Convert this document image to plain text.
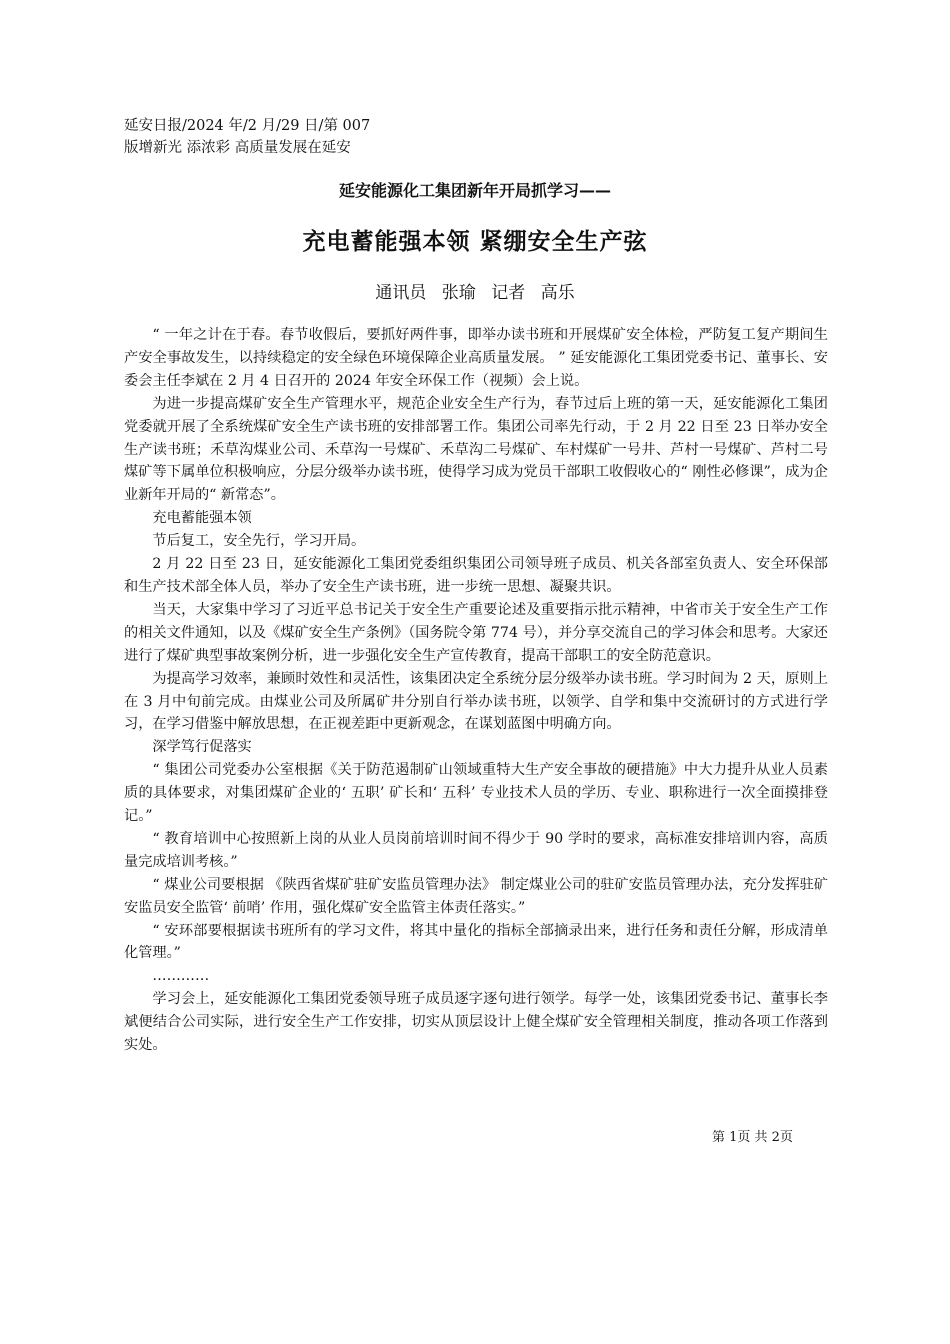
延安日报/2024 年/2 月/29 日/第 007
版增新光 添浓彩 高质量发展在延安
延安能源化工集团新年开局抓学习——
充电蓄能强本领 紧绷安全生产弦
通讯员 张瑜 记者 高乐

“ 一年之计在于春。春节收假后，要抓好两件事，即举办读书班和开展煤矿安全体检，严防复工复产期间生产安全事故发生，以持续稳定的安全绿色环境保障企业高质量发展。 ” 延安能源化工集团党委书记、董事长、安委会主任李斌在 2 月 4 日召开的 2024 年安全环保工作（视频）会上说。

为进一步提高煤矿安全生产管理水平，规范企业安全生产行为，春节过后上班的第一天，延安能源化工集团党委就开展了全系统煤矿安全生产读书班的安排部署工作。集团公司率先行动，于 2 月 22 日至 23 日举办安全生产读书班；禾草沟煤业公司、禾草沟一号煤矿、禾草沟二号煤矿、车村煤矿一号井、芦村一号煤矿、芦村二号煤矿等下属单位积极响应，分层分级举办读书班，使得学习成为党员干部职工收假收心的“ 刚性必修课”，成为企业新年开局的“ 新常态”。

充电蓄能强本领

节后复工，安全先行，学习开局。

2 月 22 日至 23 日，延安能源化工集团党委组织集团公司领导班子成员、机关各部室负责人、安全环保部和生产技术部全体人员，举办了安全生产读书班，进一步统一思想、凝聚共识。

当天，大家集中学习了习近平总书记关于安全生产重要论述及重要指示批示精神，中省市关于安全生产工作的相关文件通知，以及《煤矿安全生产条例》（国务院令第 774 号），并分享交流自己的学习体会和思考。大家还进行了煤矿典型事故案例分析，进一步强化安全生产宣传教育，提高干部职工的安全防范意识。

为提高学习效率，兼顾时效性和灵活性，该集团决定全系统分层分级举办读书班。学习时间为 2 天，原则上在 3 月中旬前完成。由煤业公司及所属矿井分别自行举办读书班，以领学、自学和集中交流研讨的方式进行学习，在学习借鉴中解放思想，在正视差距中更新观念，在谋划蓝图中明确方向。

深学笃行促落实

“ 集团公司党委办公室根据《关于防范遏制矿山领域重特大生产安全事故的硬措施》中大力提升从业人员素质的具体要求，对集团煤矿企业的‘ 五职’ 矿长和‘ 五科’ 专业技术人员的学历、专业、职称进行一次全面摸排登记。”

“ 教育培训中心按照新上岗的从业人员岗前培训时间不得少于 90 学时的要求，高标准安排培训内容，高质量完成培训考核。”

“ 煤业公司要根据 《陕西省煤矿驻矿安监员管理办法》 制定煤业公司的驻矿安监员管理办法，充分发挥驻矿安监员安全监管‘ 前哨’ 作用，强化煤矿安全监管主体责任落实。”

“ 安环部要根据读书班所有的学习文件，将其中量化的指标全部摘录出来，进行任务和责任分解，形成清单化管理。”

…………

学习会上，延安能源化工集团党委领导班子成员逐字逐句进行领学。每学一处，该集团党委书记、董事长李斌便结合公司实际，进行安全生产工作安排，切实从顶层设计上健全煤矿安全管理相关制度，推动各项工作落到实处。

第 1页 共 2页
